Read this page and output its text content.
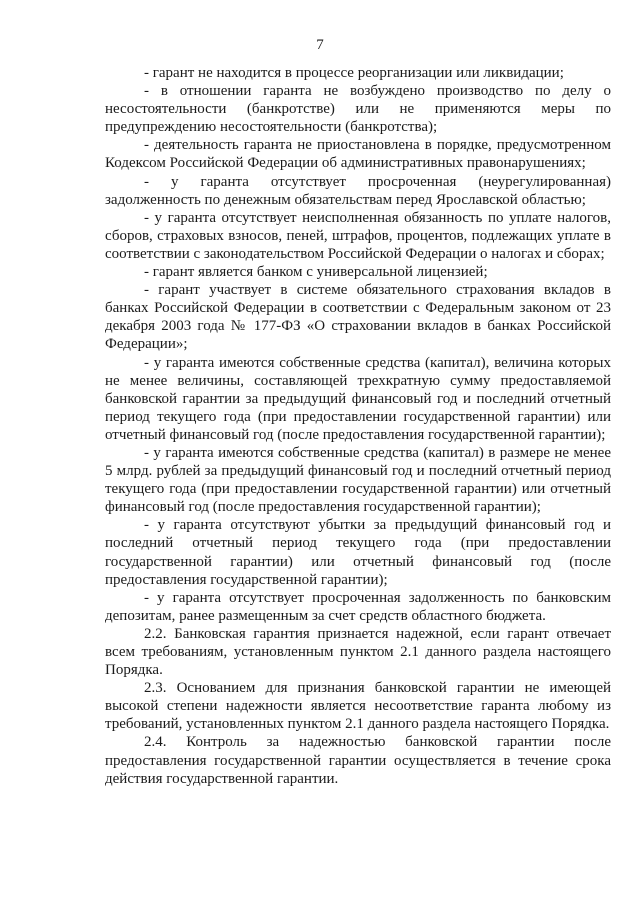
7

- гарант не находится в процессе реорганизации или ликвидации;

- в отношении гаранта не возбуждено производство по делу о несостоятельности (банкротстве) или не применяются меры по предупреждению несостоятельности (банкротства);

- деятельность гаранта не приостановлена в порядке, предусмотренном Кодексом Российской Федерации об административных правонарушениях;

- у гаранта отсутствует просроченная (неурегулированная) задолженность по денежным обязательствам перед Ярославской областью;

- у гаранта отсутствует неисполненная обязанность по уплате налогов, сборов, страховых взносов, пеней, штрафов, процентов, подлежащих уплате в соответствии с законодательством Российской Федерации о налогах и сборах;

- гарант является банком с универсальной лицензией;

- гарант участвует в системе обязательного страхования вкладов в банках Российской Федерации в соответствии с Федеральным законом от 23 декабря 2003 года № 177-ФЗ «О страховании вкладов в банках Российской Федерации»;

- у гаранта имеются собственные средства (капитал), величина которых не менее величины, составляющей трехкратную сумму предоставляемой банковской гарантии за предыдущий финансовый год и последний отчетный период текущего года (при предоставлении государственной гарантии) или отчетный финансовый год (после предоставления государственной гарантии);

- у гаранта имеются собственные средства (капитал) в размере не менее 5 млрд. рублей за предыдущий финансовый год и последний отчетный период текущего года (при предоставлении государственной гарантии) или отчетный финансовый год (после предоставления государственной гарантии);

- у гаранта отсутствуют убытки за предыдущий финансовый год и последний отчетный период текущего года (при предоставлении государственной гарантии) или отчетный финансовый год (после предоставления государственной гарантии);

- у гаранта отсутствует просроченная задолженность по банковским депозитам, ранее размещенным за счет средств областного бюджета.

2.2. Банковская гарантия признается надежной, если гарант отвечает всем требованиям, установленным пунктом 2.1 данного раздела настоящего Порядка.

2.3. Основанием для признания банковской гарантии не имеющей высокой степени надежности является несоответствие гаранта любому из требований, установленных пунктом 2.1 данного раздела настоящего Порядка.

2.4. Контроль за надежностью банковской гарантии после предоставления государственной гарантии осуществляется в течение срока действия государственной гарантии.
